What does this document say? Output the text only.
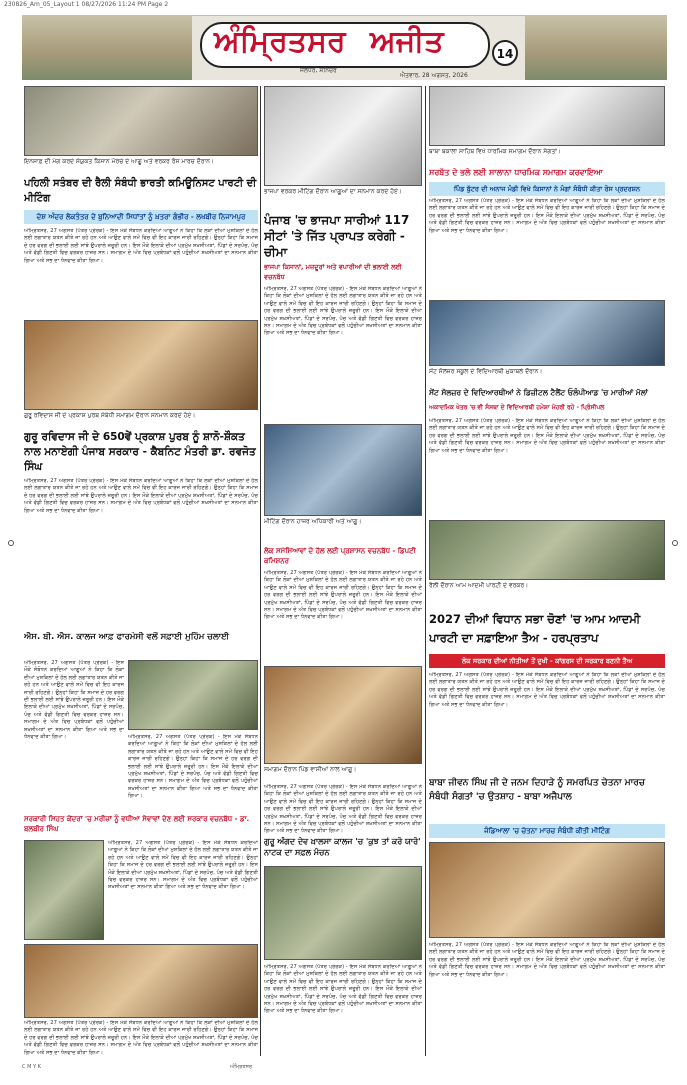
230826_Am_05_Layout 1 08/27/2026 11:24 PM Page 2
ਅੰਮ੍ਰਿਤਸਰ ਅਜੀਤ
ਜਲੰਧਰ, ਸ਼ਨਿਚਰ
ਐਤਵਾਰ, 28 ਅਗਸਤ, 2026
14
ਇਨਸਾਫ਼ ਦੀ ਮੰਗ ਕਰਦੇ ਸੰਯੁਕਤ ਕਿਸਾਨ ਮੋਰਚੇ ਦੇ ਆਗੂ ਅਤੇ ਵਰਕਰ ਰੋਸ ਮਾਰਚ ਦੌਰਾਨ।
ਪਹਿਲੀ ਸਤੰਬਰ ਦੀ ਰੈਲੀ ਸੰਬੰਧੀ ਭਾਰਤੀ ਕਮਿਊਨਿਸਟ ਪਾਰਟੀ ਦੀ ਮੀਟਿੰਗ
ਦੇਸ਼ ਅੰਦਰ ਲੋਕਤੰਤਰ ਦੇ ਬੁਨਿਆਦੀ ਸਿਧਾਂਤਾਂ ਨੂੰ ਖ਼ਤਰਾ ਗੰਭੀਰ - ਲਖਬੀਰ ਨਿਜਾਮਪੁਰ
ਅੰਮ੍ਰਿਤਸਰ, 27 ਅਗਸਤ (ਪੱਤਰ ਪ੍ਰੇਰਕ) - ਇਸ ਮੌਕੇ ਸੰਬੋਧਨ ਕਰਦਿਆਂ ਆਗੂਆਂ ਨੇ ਕਿਹਾ ਕਿ ਲੋਕਾਂ ਦੀਆਂ ਮੁਸ਼ਕਿਲਾਂ ਦੇ ਹੱਲ ਲਈ ਲਗਾਤਾਰ ਯਤਨ ਕੀਤੇ ਜਾ ਰਹੇ ਹਨ ਅਤੇ ਆਉਣ ਵਾਲੇ ਸਮੇਂ ਵਿਚ ਵੀ ਇਹ ਕਾਰਜ ਜਾਰੀ ਰਹਿਣਗੇ। ਉਨ੍ਹਾਂ ਕਿਹਾ ਕਿ ਸਮਾਜ ਦੇ ਹਰ ਵਰਗ ਦੀ ਭਲਾਈ ਲਈ ਸਾਂਝੇ ਉਪਰਾਲੇ ਜ਼ਰੂਰੀ ਹਨ। ਇਸ ਮੌਕੇ ਇਲਾਕੇ ਦੀਆਂ ਪ੍ਰਮੁੱਖ ਸ਼ਖ਼ਸੀਅਤਾਂ, ਪਿੰਡਾਂ ਦੇ ਸਰਪੰਚ, ਪੰਚ ਅਤੇ ਵੱਡੀ ਗਿਣਤੀ ਵਿਚ ਵਰਕਰ ਹਾਜ਼ਰ ਸਨ। ਸਮਾਗਮ ਦੇ ਅੰਤ ਵਿਚ ਪ੍ਰਬੰਧਕਾਂ ਵਲੋਂ ਪਹੁੰਚੀਆਂ ਸ਼ਖ਼ਸੀਅਤਾਂ ਦਾ ਸਨਮਾਨ ਕੀਤਾ ਗਿਆ ਅਤੇ ਸਭ ਦਾ ਧੰਨਵਾਦ ਕੀਤਾ ਗਿਆ।
ਗੁਰੂ ਰਵਿਦਾਸ ਜੀ ਦੇ ਪ੍ਰਕਾਸ਼ ਪੁਰਬ ਸੰਬੰਧੀ ਸਮਾਗਮ ਦੌਰਾਨ ਸਨਮਾਨ ਕਰਦੇ ਹੋਏ।
ਗੁਰੂ ਰਵਿਦਾਸ ਜੀ ਦੇ 650ਵੇਂ ਪ੍ਰਕਾਸ਼ ਪੁਰਬ ਨੂੰ ਸ਼ਾਨੋ-ਸ਼ੌਕਤ ਨਾਲ ਮਨਾਏਗੀ ਪੰਜਾਬ ਸਰਕਾਰ - ਕੈਬਨਿਟ ਮੰਤਰੀ ਡਾ. ਰਵਜੋਤ ਸਿੰਘ
ਅੰਮ੍ਰਿਤਸਰ, 27 ਅਗਸਤ (ਪੱਤਰ ਪ੍ਰੇਰਕ) - ਇਸ ਮੌਕੇ ਸੰਬੋਧਨ ਕਰਦਿਆਂ ਆਗੂਆਂ ਨੇ ਕਿਹਾ ਕਿ ਲੋਕਾਂ ਦੀਆਂ ਮੁਸ਼ਕਿਲਾਂ ਦੇ ਹੱਲ ਲਈ ਲਗਾਤਾਰ ਯਤਨ ਕੀਤੇ ਜਾ ਰਹੇ ਹਨ ਅਤੇ ਆਉਣ ਵਾਲੇ ਸਮੇਂ ਵਿਚ ਵੀ ਇਹ ਕਾਰਜ ਜਾਰੀ ਰਹਿਣਗੇ। ਉਨ੍ਹਾਂ ਕਿਹਾ ਕਿ ਸਮਾਜ ਦੇ ਹਰ ਵਰਗ ਦੀ ਭਲਾਈ ਲਈ ਸਾਂਝੇ ਉਪਰਾਲੇ ਜ਼ਰੂਰੀ ਹਨ। ਇਸ ਮੌਕੇ ਇਲਾਕੇ ਦੀਆਂ ਪ੍ਰਮੁੱਖ ਸ਼ਖ਼ਸੀਅਤਾਂ, ਪਿੰਡਾਂ ਦੇ ਸਰਪੰਚ, ਪੰਚ ਅਤੇ ਵੱਡੀ ਗਿਣਤੀ ਵਿਚ ਵਰਕਰ ਹਾਜ਼ਰ ਸਨ। ਸਮਾਗਮ ਦੇ ਅੰਤ ਵਿਚ ਪ੍ਰਬੰਧਕਾਂ ਵਲੋਂ ਪਹੁੰਚੀਆਂ ਸ਼ਖ਼ਸੀਅਤਾਂ ਦਾ ਸਨਮਾਨ ਕੀਤਾ ਗਿਆ ਅਤੇ ਸਭ ਦਾ ਧੰਨਵਾਦ ਕੀਤਾ ਗਿਆ।
ਐਸ. ਬੀ. ਐਸ. ਕਾਲਜ ਆਫ਼ ਫਾਰਮੇਸੀ ਵਲੋਂ ਸਫ਼ਾਈ ਮੁਹਿੰਮ ਚਲਾਈ
ਅੰਮ੍ਰਿਤਸਰ, 27 ਅਗਸਤ (ਪੱਤਰ ਪ੍ਰੇਰਕ) - ਇਸ ਮੌਕੇ ਸੰਬੋਧਨ ਕਰਦਿਆਂ ਆਗੂਆਂ ਨੇ ਕਿਹਾ ਕਿ ਲੋਕਾਂ ਦੀਆਂ ਮੁਸ਼ਕਿਲਾਂ ਦੇ ਹੱਲ ਲਈ ਲਗਾਤਾਰ ਯਤਨ ਕੀਤੇ ਜਾ ਰਹੇ ਹਨ ਅਤੇ ਆਉਣ ਵਾਲੇ ਸਮੇਂ ਵਿਚ ਵੀ ਇਹ ਕਾਰਜ ਜਾਰੀ ਰਹਿਣਗੇ। ਉਨ੍ਹਾਂ ਕਿਹਾ ਕਿ ਸਮਾਜ ਦੇ ਹਰ ਵਰਗ ਦੀ ਭਲਾਈ ਲਈ ਸਾਂਝੇ ਉਪਰਾਲੇ ਜ਼ਰੂਰੀ ਹਨ। ਇਸ ਮੌਕੇ ਇਲਾਕੇ ਦੀਆਂ ਪ੍ਰਮੁੱਖ ਸ਼ਖ਼ਸੀਅਤਾਂ, ਪਿੰਡਾਂ ਦੇ ਸਰਪੰਚ, ਪੰਚ ਅਤੇ ਵੱਡੀ ਗਿਣਤੀ ਵਿਚ ਵਰਕਰ ਹਾਜ਼ਰ ਸਨ। ਸਮਾਗਮ ਦੇ ਅੰਤ ਵਿਚ ਪ੍ਰਬੰਧਕਾਂ ਵਲੋਂ ਪਹੁੰਚੀਆਂ ਸ਼ਖ਼ਸੀਅਤਾਂ ਦਾ ਸਨਮਾਨ ਕੀਤਾ ਗਿਆ ਅਤੇ ਸਭ ਦਾ ਧੰਨਵਾਦ ਕੀਤਾ ਗਿਆ।	ਅੰਮ੍ਰਿਤਸਰ, 27 ਅਗਸਤ (ਪੱਤਰ ਪ੍ਰੇਰਕ) - ਇਸ ਮੌਕੇ ਸੰਬੋਧਨ ਕਰਦਿਆਂ ਆਗੂਆਂ ਨੇ ਕਿਹਾ ਕਿ ਲੋਕਾਂ ਦੀਆਂ ਮੁਸ਼ਕਿਲਾਂ ਦੇ ਹੱਲ ਲਈ ਲਗਾਤਾਰ ਯਤਨ ਕੀਤੇ ਜਾ ਰਹੇ ਹਨ ਅਤੇ ਆਉਣ ਵਾਲੇ ਸਮੇਂ ਵਿਚ ਵੀ ਇਹ ਕਾਰਜ ਜਾਰੀ ਰਹਿਣਗੇ। ਉਨ੍ਹਾਂ ਕਿਹਾ ਕਿ ਸਮਾਜ ਦੇ ਹਰ ਵਰਗ ਦੀ ਭਲਾਈ ਲਈ ਸਾਂਝੇ ਉਪਰਾਲੇ ਜ਼ਰੂਰੀ ਹਨ। ਇਸ ਮੌਕੇ ਇਲਾਕੇ ਦੀਆਂ ਪ੍ਰਮੁੱਖ ਸ਼ਖ਼ਸੀਅਤਾਂ, ਪਿੰਡਾਂ ਦੇ ਸਰਪੰਚ, ਪੰਚ ਅਤੇ ਵੱਡੀ ਗਿਣਤੀ ਵਿਚ ਵਰਕਰ ਹਾਜ਼ਰ ਸਨ। ਸਮਾਗਮ ਦੇ ਅੰਤ ਵਿਚ ਪ੍ਰਬੰਧਕਾਂ ਵਲੋਂ ਪਹੁੰਚੀਆਂ ਸ਼ਖ਼ਸੀਅਤਾਂ ਦਾ ਸਨਮਾਨ ਕੀਤਾ ਗਿਆ ਅਤੇ ਸਭ ਦਾ ਧੰਨਵਾਦ ਕੀਤਾ ਗਿਆ।
ਸਰਕਾਰੀ ਸਿਹਤ ਕੇਂਦਰਾਂ 'ਚ ਮਰੀਜ਼ਾਂ ਨੂੰ ਵਧੀਆ ਸੇਵਾਵਾਂ ਦੇਣ ਲਈ ਸਰਕਾਰ ਵਚਨਬੱਧ - ਡਾ. ਬਲਬੀਰ ਸਿੰਘ
ਅੰਮ੍ਰਿਤਸਰ, 27 ਅਗਸਤ (ਪੱਤਰ ਪ੍ਰੇਰਕ) - ਇਸ ਮੌਕੇ ਸੰਬੋਧਨ ਕਰਦਿਆਂ ਆਗੂਆਂ ਨੇ ਕਿਹਾ ਕਿ ਲੋਕਾਂ ਦੀਆਂ ਮੁਸ਼ਕਿਲਾਂ ਦੇ ਹੱਲ ਲਈ ਲਗਾਤਾਰ ਯਤਨ ਕੀਤੇ ਜਾ ਰਹੇ ਹਨ ਅਤੇ ਆਉਣ ਵਾਲੇ ਸਮੇਂ ਵਿਚ ਵੀ ਇਹ ਕਾਰਜ ਜਾਰੀ ਰਹਿਣਗੇ। ਉਨ੍ਹਾਂ ਕਿਹਾ ਕਿ ਸਮਾਜ ਦੇ ਹਰ ਵਰਗ ਦੀ ਭਲਾਈ ਲਈ ਸਾਂਝੇ ਉਪਰਾਲੇ ਜ਼ਰੂਰੀ ਹਨ। ਇਸ ਮੌਕੇ ਇਲਾਕੇ ਦੀਆਂ ਪ੍ਰਮੁੱਖ ਸ਼ਖ਼ਸੀਅਤਾਂ, ਪਿੰਡਾਂ ਦੇ ਸਰਪੰਚ, ਪੰਚ ਅਤੇ ਵੱਡੀ ਗਿਣਤੀ ਵਿਚ ਵਰਕਰ ਹਾਜ਼ਰ ਸਨ। ਸਮਾਗਮ ਦੇ ਅੰਤ ਵਿਚ ਪ੍ਰਬੰਧਕਾਂ ਵਲੋਂ ਪਹੁੰਚੀਆਂ ਸ਼ਖ਼ਸੀਅਤਾਂ ਦਾ ਸਨਮਾਨ ਕੀਤਾ ਗਿਆ ਅਤੇ ਸਭ ਦਾ ਧੰਨਵਾਦ ਕੀਤਾ ਗਿਆ।
ਅੰਮ੍ਰਿਤਸਰ, 27 ਅਗਸਤ (ਪੱਤਰ ਪ੍ਰੇਰਕ) - ਇਸ ਮੌਕੇ ਸੰਬੋਧਨ ਕਰਦਿਆਂ ਆਗੂਆਂ ਨੇ ਕਿਹਾ ਕਿ ਲੋਕਾਂ ਦੀਆਂ ਮੁਸ਼ਕਿਲਾਂ ਦੇ ਹੱਲ ਲਈ ਲਗਾਤਾਰ ਯਤਨ ਕੀਤੇ ਜਾ ਰਹੇ ਹਨ ਅਤੇ ਆਉਣ ਵਾਲੇ ਸਮੇਂ ਵਿਚ ਵੀ ਇਹ ਕਾਰਜ ਜਾਰੀ ਰਹਿਣਗੇ। ਉਨ੍ਹਾਂ ਕਿਹਾ ਕਿ ਸਮਾਜ ਦੇ ਹਰ ਵਰਗ ਦੀ ਭਲਾਈ ਲਈ ਸਾਂਝੇ ਉਪਰਾਲੇ ਜ਼ਰੂਰੀ ਹਨ। ਇਸ ਮੌਕੇ ਇਲਾਕੇ ਦੀਆਂ ਪ੍ਰਮੁੱਖ ਸ਼ਖ਼ਸੀਅਤਾਂ, ਪਿੰਡਾਂ ਦੇ ਸਰਪੰਚ, ਪੰਚ ਅਤੇ ਵੱਡੀ ਗਿਣਤੀ ਵਿਚ ਵਰਕਰ ਹਾਜ਼ਰ ਸਨ। ਸਮਾਗਮ ਦੇ ਅੰਤ ਵਿਚ ਪ੍ਰਬੰਧਕਾਂ ਵਲੋਂ ਪਹੁੰਚੀਆਂ ਸ਼ਖ਼ਸੀਅਤਾਂ ਦਾ ਸਨਮਾਨ ਕੀਤਾ ਗਿਆ ਅਤੇ ਸਭ ਦਾ ਧੰਨਵਾਦ ਕੀਤਾ ਗਿਆ।
ਭਾਜਪਾ ਵਰਕਰ ਮੀਟਿੰਗ ਦੌਰਾਨ ਆਗੂਆਂ ਦਾ ਸਨਮਾਨ ਕਰਦੇ ਹੋਏ।
ਪੰਜਾਬ 'ਚ ਭਾਜਪਾ ਸਾਰੀਆਂ 117 ਸੀਟਾਂ 'ਤੇ ਜਿੱਤ ਪ੍ਰਾਪਤ ਕਰੇਗੀ - ਚੀਮਾ
ਭਾਜਪਾ ਕਿਸਾਨਾਂ, ਮਜ਼ਦੂਰਾਂ ਅਤੇ ਵਪਾਰੀਆਂ ਦੀ ਭਲਾਈ ਲਈ ਵਚਨਬੱਧ
ਅੰਮ੍ਰਿਤਸਰ, 27 ਅਗਸਤ (ਪੱਤਰ ਪ੍ਰੇਰਕ) - ਇਸ ਮੌਕੇ ਸੰਬੋਧਨ ਕਰਦਿਆਂ ਆਗੂਆਂ ਨੇ ਕਿਹਾ ਕਿ ਲੋਕਾਂ ਦੀਆਂ ਮੁਸ਼ਕਿਲਾਂ ਦੇ ਹੱਲ ਲਈ ਲਗਾਤਾਰ ਯਤਨ ਕੀਤੇ ਜਾ ਰਹੇ ਹਨ ਅਤੇ ਆਉਣ ਵਾਲੇ ਸਮੇਂ ਵਿਚ ਵੀ ਇਹ ਕਾਰਜ ਜਾਰੀ ਰਹਿਣਗੇ। ਉਨ੍ਹਾਂ ਕਿਹਾ ਕਿ ਸਮਾਜ ਦੇ ਹਰ ਵਰਗ ਦੀ ਭਲਾਈ ਲਈ ਸਾਂਝੇ ਉਪਰਾਲੇ ਜ਼ਰੂਰੀ ਹਨ। ਇਸ ਮੌਕੇ ਇਲਾਕੇ ਦੀਆਂ ਪ੍ਰਮੁੱਖ ਸ਼ਖ਼ਸੀਅਤਾਂ, ਪਿੰਡਾਂ ਦੇ ਸਰਪੰਚ, ਪੰਚ ਅਤੇ ਵੱਡੀ ਗਿਣਤੀ ਵਿਚ ਵਰਕਰ ਹਾਜ਼ਰ ਸਨ। ਸਮਾਗਮ ਦੇ ਅੰਤ ਵਿਚ ਪ੍ਰਬੰਧਕਾਂ ਵਲੋਂ ਪਹੁੰਚੀਆਂ ਸ਼ਖ਼ਸੀਅਤਾਂ ਦਾ ਸਨਮਾਨ ਕੀਤਾ ਗਿਆ ਅਤੇ ਸਭ ਦਾ ਧੰਨਵਾਦ ਕੀਤਾ ਗਿਆ।
ਮੀਟਿੰਗ ਦੌਰਾਨ ਹਾਜ਼ਰ ਅਧਿਕਾਰੀ ਅਤੇ ਆਗੂ।
ਲੋਕ ਸਮੱਸਿਆਵਾਂ ਦੇ ਹੱਲ ਲਈ ਪ੍ਰਸ਼ਾਸਨ ਵਚਨਬੱਧ - ਡਿਪਟੀ ਕਮਿਸ਼ਨਰ
ਅੰਮ੍ਰਿਤਸਰ, 27 ਅਗਸਤ (ਪੱਤਰ ਪ੍ਰੇਰਕ) - ਇਸ ਮੌਕੇ ਸੰਬੋਧਨ ਕਰਦਿਆਂ ਆਗੂਆਂ ਨੇ ਕਿਹਾ ਕਿ ਲੋਕਾਂ ਦੀਆਂ ਮੁਸ਼ਕਿਲਾਂ ਦੇ ਹੱਲ ਲਈ ਲਗਾਤਾਰ ਯਤਨ ਕੀਤੇ ਜਾ ਰਹੇ ਹਨ ਅਤੇ ਆਉਣ ਵਾਲੇ ਸਮੇਂ ਵਿਚ ਵੀ ਇਹ ਕਾਰਜ ਜਾਰੀ ਰਹਿਣਗੇ। ਉਨ੍ਹਾਂ ਕਿਹਾ ਕਿ ਸਮਾਜ ਦੇ ਹਰ ਵਰਗ ਦੀ ਭਲਾਈ ਲਈ ਸਾਂਝੇ ਉਪਰਾਲੇ ਜ਼ਰੂਰੀ ਹਨ। ਇਸ ਮੌਕੇ ਇਲਾਕੇ ਦੀਆਂ ਪ੍ਰਮੁੱਖ ਸ਼ਖ਼ਸੀਅਤਾਂ, ਪਿੰਡਾਂ ਦੇ ਸਰਪੰਚ, ਪੰਚ ਅਤੇ ਵੱਡੀ ਗਿਣਤੀ ਵਿਚ ਵਰਕਰ ਹਾਜ਼ਰ ਸਨ। ਸਮਾਗਮ ਦੇ ਅੰਤ ਵਿਚ ਪ੍ਰਬੰਧਕਾਂ ਵਲੋਂ ਪਹੁੰਚੀਆਂ ਸ਼ਖ਼ਸੀਅਤਾਂ ਦਾ ਸਨਮਾਨ ਕੀਤਾ ਗਿਆ ਅਤੇ ਸਭ ਦਾ ਧੰਨਵਾਦ ਕੀਤਾ ਗਿਆ।
ਸਮਾਗਮ ਦੌਰਾਨ ਪਿੰਡ ਵਾਸੀਆਂ ਨਾਲ ਆਗੂ।
ਅੰਮ੍ਰਿਤਸਰ, 27 ਅਗਸਤ (ਪੱਤਰ ਪ੍ਰੇਰਕ) - ਇਸ ਮੌਕੇ ਸੰਬੋਧਨ ਕਰਦਿਆਂ ਆਗੂਆਂ ਨੇ ਕਿਹਾ ਕਿ ਲੋਕਾਂ ਦੀਆਂ ਮੁਸ਼ਕਿਲਾਂ ਦੇ ਹੱਲ ਲਈ ਲਗਾਤਾਰ ਯਤਨ ਕੀਤੇ ਜਾ ਰਹੇ ਹਨ ਅਤੇ ਆਉਣ ਵਾਲੇ ਸਮੇਂ ਵਿਚ ਵੀ ਇਹ ਕਾਰਜ ਜਾਰੀ ਰਹਿਣਗੇ। ਉਨ੍ਹਾਂ ਕਿਹਾ ਕਿ ਸਮਾਜ ਦੇ ਹਰ ਵਰਗ ਦੀ ਭਲਾਈ ਲਈ ਸਾਂਝੇ ਉਪਰਾਲੇ ਜ਼ਰੂਰੀ ਹਨ। ਇਸ ਮੌਕੇ ਇਲਾਕੇ ਦੀਆਂ ਪ੍ਰਮੁੱਖ ਸ਼ਖ਼ਸੀਅਤਾਂ, ਪਿੰਡਾਂ ਦੇ ਸਰਪੰਚ, ਪੰਚ ਅਤੇ ਵੱਡੀ ਗਿਣਤੀ ਵਿਚ ਵਰਕਰ ਹਾਜ਼ਰ ਸਨ। ਸਮਾਗਮ ਦੇ ਅੰਤ ਵਿਚ ਪ੍ਰਬੰਧਕਾਂ ਵਲੋਂ ਪਹੁੰਚੀਆਂ ਸ਼ਖ਼ਸੀਅਤਾਂ ਦਾ ਸਨਮਾਨ ਕੀਤਾ ਗਿਆ ਅਤੇ ਸਭ ਦਾ ਧੰਨਵਾਦ ਕੀਤਾ ਗਿਆ।
ਗੁਰੂ ਅੰਗਦ ਦੇਵ ਖ਼ਾਲਸਾ ਕਾਲਜ 'ਚ 'ਕੁਝ ਤਾਂ ਕਰੋ ਯਾਰੋ' ਨਾਟਕ ਦਾ ਸਫ਼ਲ ਮੰਚਨ
ਅੰਮ੍ਰਿਤਸਰ, 27 ਅਗਸਤ (ਪੱਤਰ ਪ੍ਰੇਰਕ) - ਇਸ ਮੌਕੇ ਸੰਬੋਧਨ ਕਰਦਿਆਂ ਆਗੂਆਂ ਨੇ ਕਿਹਾ ਕਿ ਲੋਕਾਂ ਦੀਆਂ ਮੁਸ਼ਕਿਲਾਂ ਦੇ ਹੱਲ ਲਈ ਲਗਾਤਾਰ ਯਤਨ ਕੀਤੇ ਜਾ ਰਹੇ ਹਨ ਅਤੇ ਆਉਣ ਵਾਲੇ ਸਮੇਂ ਵਿਚ ਵੀ ਇਹ ਕਾਰਜ ਜਾਰੀ ਰਹਿਣਗੇ। ਉਨ੍ਹਾਂ ਕਿਹਾ ਕਿ ਸਮਾਜ ਦੇ ਹਰ ਵਰਗ ਦੀ ਭਲਾਈ ਲਈ ਸਾਂਝੇ ਉਪਰਾਲੇ ਜ਼ਰੂਰੀ ਹਨ। ਇਸ ਮੌਕੇ ਇਲਾਕੇ ਦੀਆਂ ਪ੍ਰਮੁੱਖ ਸ਼ਖ਼ਸੀਅਤਾਂ, ਪਿੰਡਾਂ ਦੇ ਸਰਪੰਚ, ਪੰਚ ਅਤੇ ਵੱਡੀ ਗਿਣਤੀ ਵਿਚ ਵਰਕਰ ਹਾਜ਼ਰ ਸਨ। ਸਮਾਗਮ ਦੇ ਅੰਤ ਵਿਚ ਪ੍ਰਬੰਧਕਾਂ ਵਲੋਂ ਪਹੁੰਚੀਆਂ ਸ਼ਖ਼ਸੀਅਤਾਂ ਦਾ ਸਨਮਾਨ ਕੀਤਾ ਗਿਆ ਅਤੇ ਸਭ ਦਾ ਧੰਨਵਾਦ ਕੀਤਾ ਗਿਆ।
ਬਾਬਾ ਬਕਾਲਾ ਸਾਹਿਬ ਵਿਖੇ ਧਾਰਮਿਕ ਸਮਾਗਮ ਦੌਰਾਨ ਸੰਗਤਾਂ।
ਸਰਬੱਤ ਦੇ ਭਲੇ ਲਈ ਸਾਲਾਨਾ ਧਾਰਮਿਕ ਸਮਾਗਮ ਕਰਵਾਇਆ
ਪਿੰਡ ਬੁੱਟਰ ਦੀ ਅਨਾਜ ਮੰਡੀ ਵਿਖੇ ਕਿਸਾਨਾਂ ਨੇ ਮੰਗਾਂ ਸੰਬੰਧੀ ਕੀਤਾ ਰੋਸ ਪ੍ਰਦਰਸ਼ਨ
ਅੰਮ੍ਰਿਤਸਰ, 27 ਅਗਸਤ (ਪੱਤਰ ਪ੍ਰੇਰਕ) - ਇਸ ਮੌਕੇ ਸੰਬੋਧਨ ਕਰਦਿਆਂ ਆਗੂਆਂ ਨੇ ਕਿਹਾ ਕਿ ਲੋਕਾਂ ਦੀਆਂ ਮੁਸ਼ਕਿਲਾਂ ਦੇ ਹੱਲ ਲਈ ਲਗਾਤਾਰ ਯਤਨ ਕੀਤੇ ਜਾ ਰਹੇ ਹਨ ਅਤੇ ਆਉਣ ਵਾਲੇ ਸਮੇਂ ਵਿਚ ਵੀ ਇਹ ਕਾਰਜ ਜਾਰੀ ਰਹਿਣਗੇ। ਉਨ੍ਹਾਂ ਕਿਹਾ ਕਿ ਸਮਾਜ ਦੇ ਹਰ ਵਰਗ ਦੀ ਭਲਾਈ ਲਈ ਸਾਂਝੇ ਉਪਰਾਲੇ ਜ਼ਰੂਰੀ ਹਨ। ਇਸ ਮੌਕੇ ਇਲਾਕੇ ਦੀਆਂ ਪ੍ਰਮੁੱਖ ਸ਼ਖ਼ਸੀਅਤਾਂ, ਪਿੰਡਾਂ ਦੇ ਸਰਪੰਚ, ਪੰਚ ਅਤੇ ਵੱਡੀ ਗਿਣਤੀ ਵਿਚ ਵਰਕਰ ਹਾਜ਼ਰ ਸਨ। ਸਮਾਗਮ ਦੇ ਅੰਤ ਵਿਚ ਪ੍ਰਬੰਧਕਾਂ ਵਲੋਂ ਪਹੁੰਚੀਆਂ ਸ਼ਖ਼ਸੀਅਤਾਂ ਦਾ ਸਨਮਾਨ ਕੀਤਾ ਗਿਆ ਅਤੇ ਸਭ ਦਾ ਧੰਨਵਾਦ ਕੀਤਾ ਗਿਆ।
ਸੇਂਟ ਸੋਲਜ਼ਰ ਸਕੂਲ ਦੇ ਵਿਦਿਆਰਥੀ ਮੁਕਾਬਲੇ ਦੌਰਾਨ।
ਸੇਂਟ ਸੋਲਜ਼ਰ ਦੇ ਵਿਦਿਆਰਥੀਆਂ ਨੇ ਡਿਜ਼ੀਟਲ ਟੈਲੈਂਟ ਓਲੰਪੀਆਡ 'ਚ ਮਾਰੀਆਂ ਮੱਲਾਂ
ਅਕਾਦਮਿਕ ਖੇਤਰ 'ਚ ਵੀ ਸੰਸਥਾ ਦੇ ਵਿਦਿਆਰਥੀ ਹਮੇਸ਼ਾ ਮੋਹਰੀ ਰਹੇ - ਪ੍ਰਿੰਸੀਪਲ
ਅੰਮ੍ਰਿਤਸਰ, 27 ਅਗਸਤ (ਪੱਤਰ ਪ੍ਰੇਰਕ) - ਇਸ ਮੌਕੇ ਸੰਬੋਧਨ ਕਰਦਿਆਂ ਆਗੂਆਂ ਨੇ ਕਿਹਾ ਕਿ ਲੋਕਾਂ ਦੀਆਂ ਮੁਸ਼ਕਿਲਾਂ ਦੇ ਹੱਲ ਲਈ ਲਗਾਤਾਰ ਯਤਨ ਕੀਤੇ ਜਾ ਰਹੇ ਹਨ ਅਤੇ ਆਉਣ ਵਾਲੇ ਸਮੇਂ ਵਿਚ ਵੀ ਇਹ ਕਾਰਜ ਜਾਰੀ ਰਹਿਣਗੇ। ਉਨ੍ਹਾਂ ਕਿਹਾ ਕਿ ਸਮਾਜ ਦੇ ਹਰ ਵਰਗ ਦੀ ਭਲਾਈ ਲਈ ਸਾਂਝੇ ਉਪਰਾਲੇ ਜ਼ਰੂਰੀ ਹਨ। ਇਸ ਮੌਕੇ ਇਲਾਕੇ ਦੀਆਂ ਪ੍ਰਮੁੱਖ ਸ਼ਖ਼ਸੀਅਤਾਂ, ਪਿੰਡਾਂ ਦੇ ਸਰਪੰਚ, ਪੰਚ ਅਤੇ ਵੱਡੀ ਗਿਣਤੀ ਵਿਚ ਵਰਕਰ ਹਾਜ਼ਰ ਸਨ। ਸਮਾਗਮ ਦੇ ਅੰਤ ਵਿਚ ਪ੍ਰਬੰਧਕਾਂ ਵਲੋਂ ਪਹੁੰਚੀਆਂ ਸ਼ਖ਼ਸੀਅਤਾਂ ਦਾ ਸਨਮਾਨ ਕੀਤਾ ਗਿਆ ਅਤੇ ਸਭ ਦਾ ਧੰਨਵਾਦ ਕੀਤਾ ਗਿਆ।
ਰੈਲੀ ਦੌਰਾਨ ਆਮ ਆਦਮੀ ਪਾਰਟੀ ਦੇ ਵਰਕਰ।
2027 ਦੀਆਂ ਵਿਧਾਨ ਸਭਾ ਚੋਣਾਂ 'ਚ ਆਮ ਆਦਮੀ ਪਾਰਟੀ ਦਾ ਸਫ਼ਾਇਆ ਤੈਅ - ਹਰਪ੍ਰਤਾਪ
ਲੋਕ ਸਰਕਾਰ ਦੀਆਂ ਨੀਤੀਆਂ ਤੋਂ ਦੁਖੀ - ਕਾਂਗਰਸ ਦੀ ਸਰਕਾਰ ਬਣਨੀ ਤੈਅ
ਅੰਮ੍ਰਿਤਸਰ, 27 ਅਗਸਤ (ਪੱਤਰ ਪ੍ਰੇਰਕ) - ਇਸ ਮੌਕੇ ਸੰਬੋਧਨ ਕਰਦਿਆਂ ਆਗੂਆਂ ਨੇ ਕਿਹਾ ਕਿ ਲੋਕਾਂ ਦੀਆਂ ਮੁਸ਼ਕਿਲਾਂ ਦੇ ਹੱਲ ਲਈ ਲਗਾਤਾਰ ਯਤਨ ਕੀਤੇ ਜਾ ਰਹੇ ਹਨ ਅਤੇ ਆਉਣ ਵਾਲੇ ਸਮੇਂ ਵਿਚ ਵੀ ਇਹ ਕਾਰਜ ਜਾਰੀ ਰਹਿਣਗੇ। ਉਨ੍ਹਾਂ ਕਿਹਾ ਕਿ ਸਮਾਜ ਦੇ ਹਰ ਵਰਗ ਦੀ ਭਲਾਈ ਲਈ ਸਾਂਝੇ ਉਪਰਾਲੇ ਜ਼ਰੂਰੀ ਹਨ। ਇਸ ਮੌਕੇ ਇਲਾਕੇ ਦੀਆਂ ਪ੍ਰਮੁੱਖ ਸ਼ਖ਼ਸੀਅਤਾਂ, ਪਿੰਡਾਂ ਦੇ ਸਰਪੰਚ, ਪੰਚ ਅਤੇ ਵੱਡੀ ਗਿਣਤੀ ਵਿਚ ਵਰਕਰ ਹਾਜ਼ਰ ਸਨ। ਸਮਾਗਮ ਦੇ ਅੰਤ ਵਿਚ ਪ੍ਰਬੰਧਕਾਂ ਵਲੋਂ ਪਹੁੰਚੀਆਂ ਸ਼ਖ਼ਸੀਅਤਾਂ ਦਾ ਸਨਮਾਨ ਕੀਤਾ ਗਿਆ ਅਤੇ ਸਭ ਦਾ ਧੰਨਵਾਦ ਕੀਤਾ ਗਿਆ।
ਬਾਬਾ ਜੀਵਨ ਸਿੰਘ ਜੀ ਦੇ ਜਨਮ ਦਿਹਾੜੇ ਨੂੰ ਸਮਰਪਿਤ ਚੇਤਨਾ ਮਾਰਚ ਸੰਬੰਧੀ ਸੰਗਤਾਂ 'ਚ ਉਤਸ਼ਾਹ - ਬਾਬਾ ਅਜੈਪਾਲ
ਜੰਡਿਆਲਾ 'ਚ ਚੇਤਨਾ ਮਾਰਚ ਸੰਬੰਧੀ ਕੀਤੀ ਮੀਟਿੰਗ
ਅੰਮ੍ਰਿਤਸਰ, 27 ਅਗਸਤ (ਪੱਤਰ ਪ੍ਰੇਰਕ) - ਇਸ ਮੌਕੇ ਸੰਬੋਧਨ ਕਰਦਿਆਂ ਆਗੂਆਂ ਨੇ ਕਿਹਾ ਕਿ ਲੋਕਾਂ ਦੀਆਂ ਮੁਸ਼ਕਿਲਾਂ ਦੇ ਹੱਲ ਲਈ ਲਗਾਤਾਰ ਯਤਨ ਕੀਤੇ ਜਾ ਰਹੇ ਹਨ ਅਤੇ ਆਉਣ ਵਾਲੇ ਸਮੇਂ ਵਿਚ ਵੀ ਇਹ ਕਾਰਜ ਜਾਰੀ ਰਹਿਣਗੇ। ਉਨ੍ਹਾਂ ਕਿਹਾ ਕਿ ਸਮਾਜ ਦੇ ਹਰ ਵਰਗ ਦੀ ਭਲਾਈ ਲਈ ਸਾਂਝੇ ਉਪਰਾਲੇ ਜ਼ਰੂਰੀ ਹਨ। ਇਸ ਮੌਕੇ ਇਲਾਕੇ ਦੀਆਂ ਪ੍ਰਮੁੱਖ ਸ਼ਖ਼ਸੀਅਤਾਂ, ਪਿੰਡਾਂ ਦੇ ਸਰਪੰਚ, ਪੰਚ ਅਤੇ ਵੱਡੀ ਗਿਣਤੀ ਵਿਚ ਵਰਕਰ ਹਾਜ਼ਰ ਸਨ। ਸਮਾਗਮ ਦੇ ਅੰਤ ਵਿਚ ਪ੍ਰਬੰਧਕਾਂ ਵਲੋਂ ਪਹੁੰਚੀਆਂ ਸ਼ਖ਼ਸੀਅਤਾਂ ਦਾ ਸਨਮਾਨ ਕੀਤਾ ਗਿਆ ਅਤੇ ਸਭ ਦਾ ਧੰਨਵਾਦ ਕੀਤਾ ਗਿਆ।
C M Y K	ਅੰਮ੍ਰਿਤਸਰ
